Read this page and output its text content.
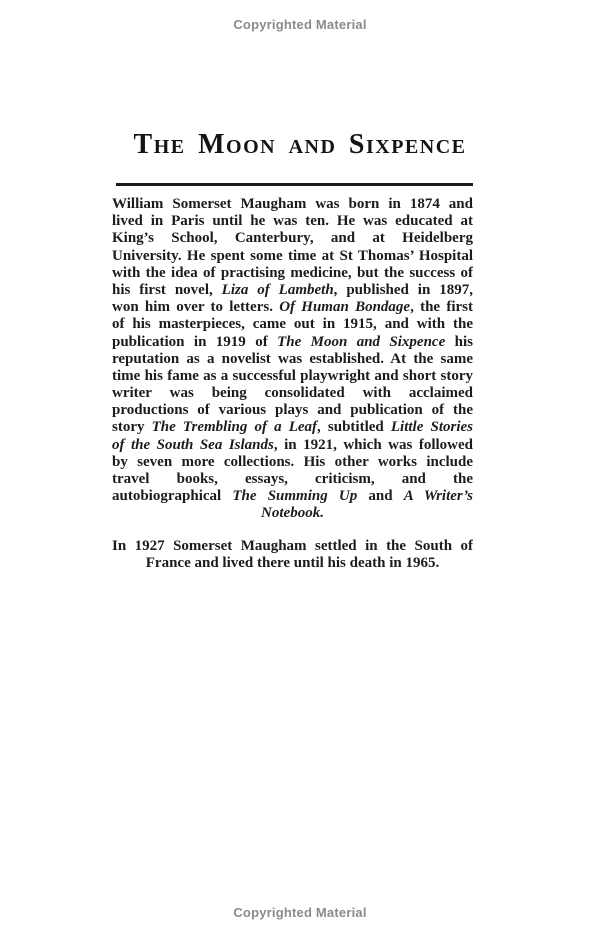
Copyrighted Material
The Moon and Sixpence
William Somerset Maugham was born in 1874 and
lived in Paris until he was ten. He was educated at
King’s School, Canterbury, and at Heidelberg
University. He spent some time at St Thomas’ Hospital
with the idea of practising medicine, but the success of
his first novel, Liza of Lambeth, published in 1897,
won him over to letters. Of Human Bondage, the first
of his masterpieces, came out in 1915, and with the
publication in 1919 of The Moon and Sixpence his
reputation as a novelist was established. At the same
time his fame as a successful playwright and short story
writer was being consolidated with acclaimed
productions of various plays and publication of the
story The Trembling of a Leaf, subtitled Little Stories
of the South Sea Islands, in 1921, which was followed
by seven more collections. His other works include
travel books, essays, criticism, and the
autobiographical The Summing Up and A Writer’s
Notebook.
In 1927 Somerset Maugham settled in the South of
France and lived there until his death in 1965.
Copyrighted Material
